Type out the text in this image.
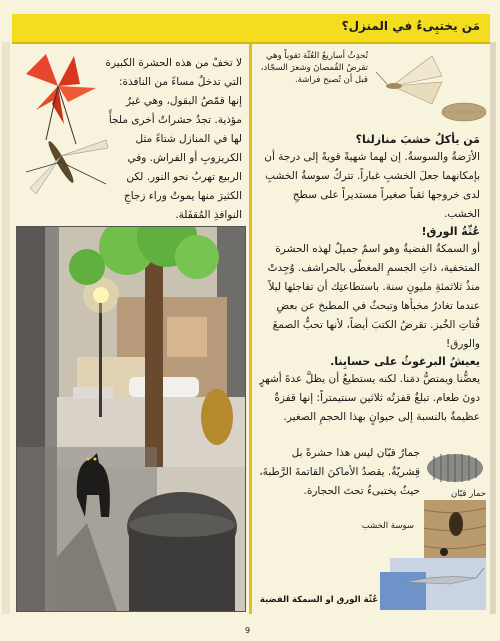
مَن يختبِىءُ في المنزل؟
لا تخفْ من هذه الحشرة الكبيرة التي تدخلُ مساءً من النافذة: إنها قمّصُ البقول، وهي غيرُ مؤذية. تجدُ حشراتٌ أخرى ملجأً لها في المنازل شتاءً مثل الكريزوبِ أو الفراش. وفي الربيع تهربُ نحو النور. لكن الكثيرَ منها يموتُ وراء زجاجِ النوافذِ المُقفَلة.
تُحدِثُ أساريعُ العُثّة ثقوباً وهي تقرضُ القُمصانَ وشعرَ السجّاد، قبل أن تُصبح فراشة.
مَن يأكلُ خشبَ منازلنا؟
الأرَضةُ والسوسةُ. إن لهما شهيةً قويةً إلى درجة أن بإمكانهما جعلَ الخشبِ غباراً. تتركُ سوسةُ الخشبِ لدى خروجها ثقباً صغيراً مستديراً على سطحِ الخشب.
عُثّةُ الورق!
أو السمكةُ الفضيةُ وهو اسمٌ جميلٌ لهذه الحشرة المتخفية، ذاتِ الجسمِ المغطّى بالحراشف. وُجِدتْ منذُ ثلاثمئةِ مليونِ سنة. باستطاعتِك أن تفاجئها ليلاً عندما تغادرُ مخبأها وتبحثُ في المطبخ عن بعضِ فُتاتِ الخُبز. تقرضُ الكتبَ أيضاً، لأنها تحبُّ الصمغَ والورق!
يعيشُ البرغوثُ على حسابِنا.
يعضُّنا ويمتصُّ دمَنا. لكنه يستطيعُ أن يظلَّ عدةَ أشهرٍ دونَ طعام. تبلغُ قفزتُه ثلاثين سنتيمتراً: إنها قفزةٌ عظيمةٌ بالنسبة إلى حيوانٍ بهذا الحجمِ الصغير.
جمارُ قبّان ليس هذا حشرةً بل قِشريّةٌ. يقصدُ الأماكنَ القاتمةَ الرَّطبةَ، حيثُ يختبىءُ تحتَ الحجارة.	حمار قبّان
سوسة الخشب
عُثّة الورق او السمكة الفضية
9
